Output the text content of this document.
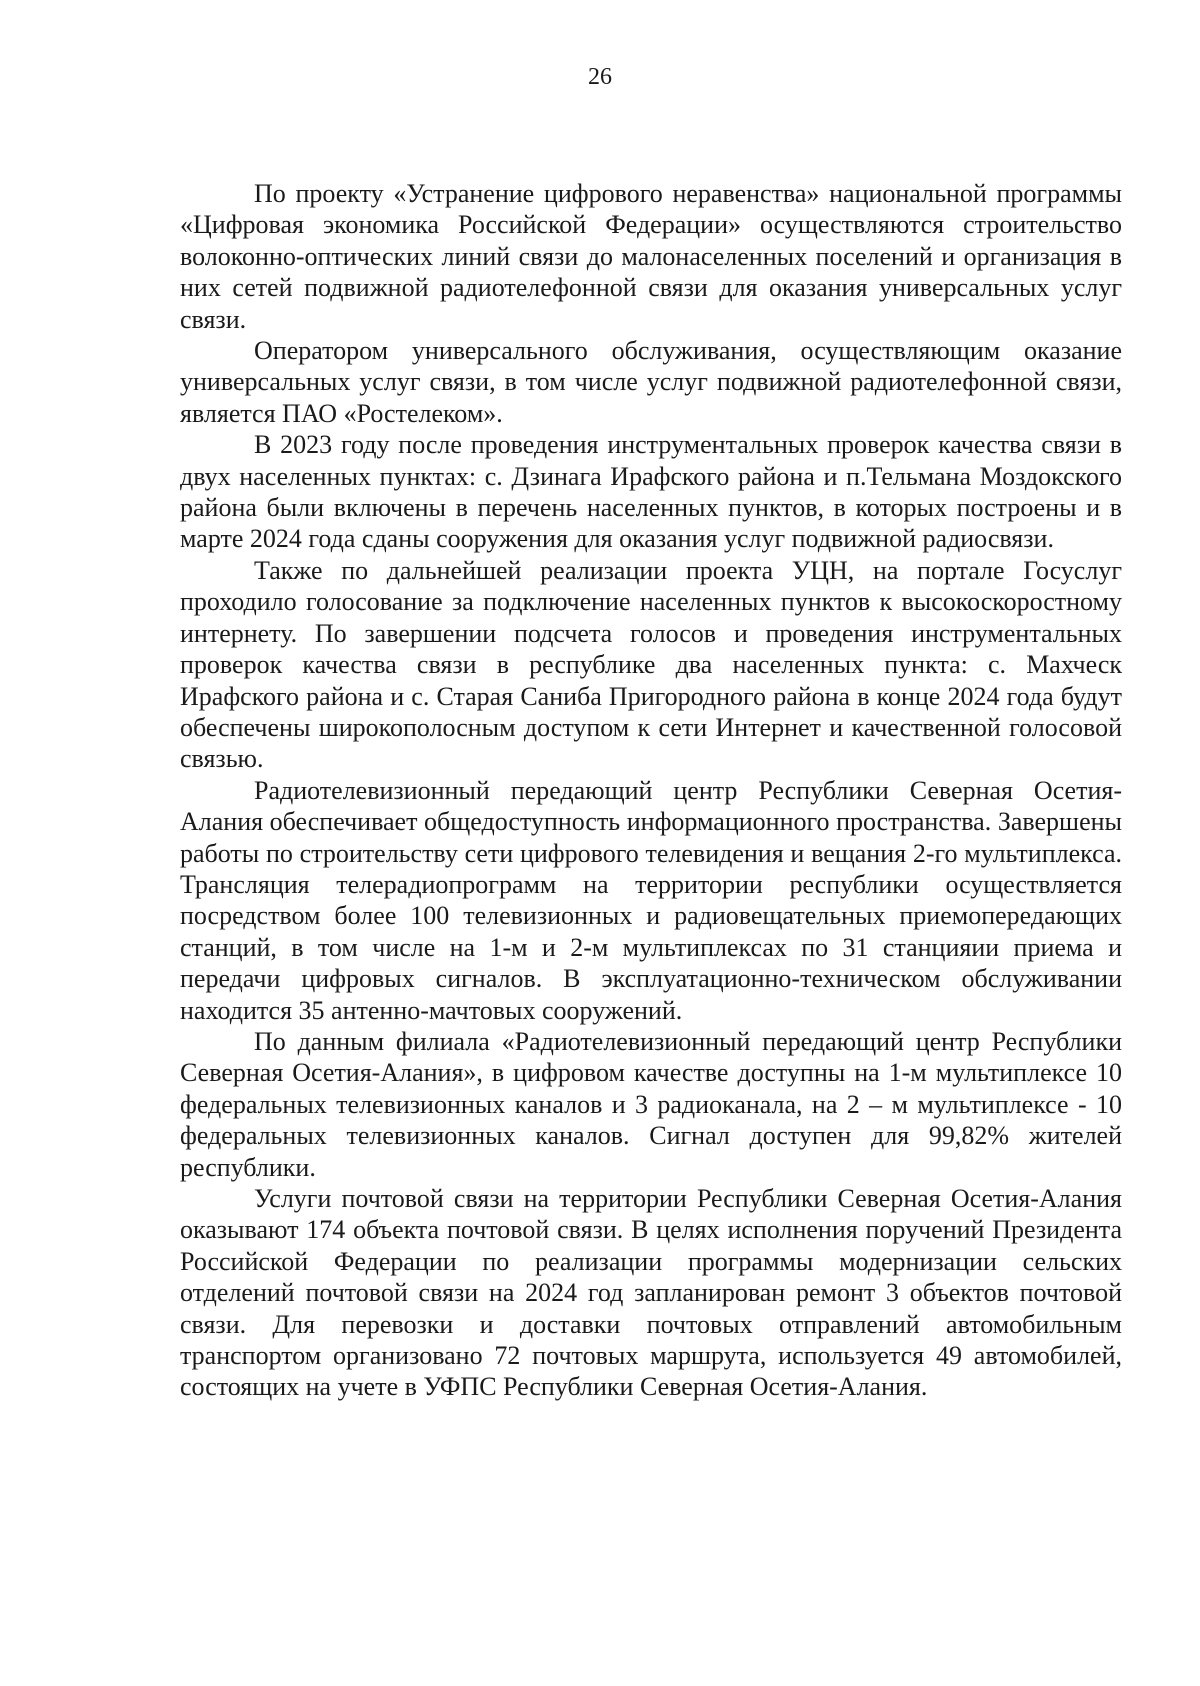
26

По проекту «Устранение цифрового неравенства» национальной программы «Цифровая экономика Российской Федерации» осуществляются строительство волоконно-оптических линий связи до малонаселенных поселений и организация в них сетей подвижной радиотелефонной связи для оказания универсальных услуг связи.

Оператором универсального обслуживания, осуществляющим оказание универсальных услуг связи, в том числе услуг подвижной радиотелефонной связи, является ПАО «Ростелеком».

В 2023 году после проведения инструментальных проверок качества связи в двух населенных пунктах: с. Дзинага Ирафского района и п.Тельмана Моздокского района были включены в перечень населенных пунктов, в которых построены и в марте 2024 года сданы сооружения для оказания услуг подвижной радиосвязи.

Также по дальнейшей реализации проекта УЦН, на портале Госуслуг проходило голосование за подключение населенных пунктов к высокоскоростному интернету. По завершении подсчета голосов и проведения инструментальных проверок качества связи в республике два населенных пункта: с. Махческ Ирафского района и с. Старая Саниба Пригородного района в конце 2024 года будут обеспечены широкополосным доступом к сети Интернет и качественной голосовой связью.

Радиотелевизионный передающий центр Республики Северная Осетия-Алания обеспечивает общедоступность информационного пространства. Завершены работы по строительству сети цифрового телевидения и вещания 2-го мультиплекса. Трансляция телерадиопрограмм на территории республики осуществляется посредством более 100 телевизионных и радиовещательных приемопередающих станций, в том числе на 1-м и 2-м мультиплексах по 31 станцияии приема и передачи цифровых сигналов. В эксплуатационно-техническом обслуживании находится 35 антенно-мачтовых сооружений.

По данным филиала «Радиотелевизионный передающий центр Республики Северная Осетия-Алания», в цифровом качестве доступны на 1-м мультиплексе 10 федеральных телевизионных каналов и 3 радиоканала, на 2 – м мультиплексе - 10 федеральных телевизионных каналов. Сигнал доступен для 99,82% жителей республики.

Услуги почтовой связи на территории Республики Северная Осетия-Алания оказывают 174 объекта почтовой связи. В целях исполнения поручений Президента Российской Федерации по реализации программы модернизации сельских отделений почтовой связи на 2024 год запланирован ремонт 3 объектов почтовой связи. Для перевозки и доставки почтовых отправлений автомобильным транспортом организовано 72 почтовых маршрута, используется 49 автомобилей, состоящих на учете в УФПС Республики Северная Осетия-Алания.
